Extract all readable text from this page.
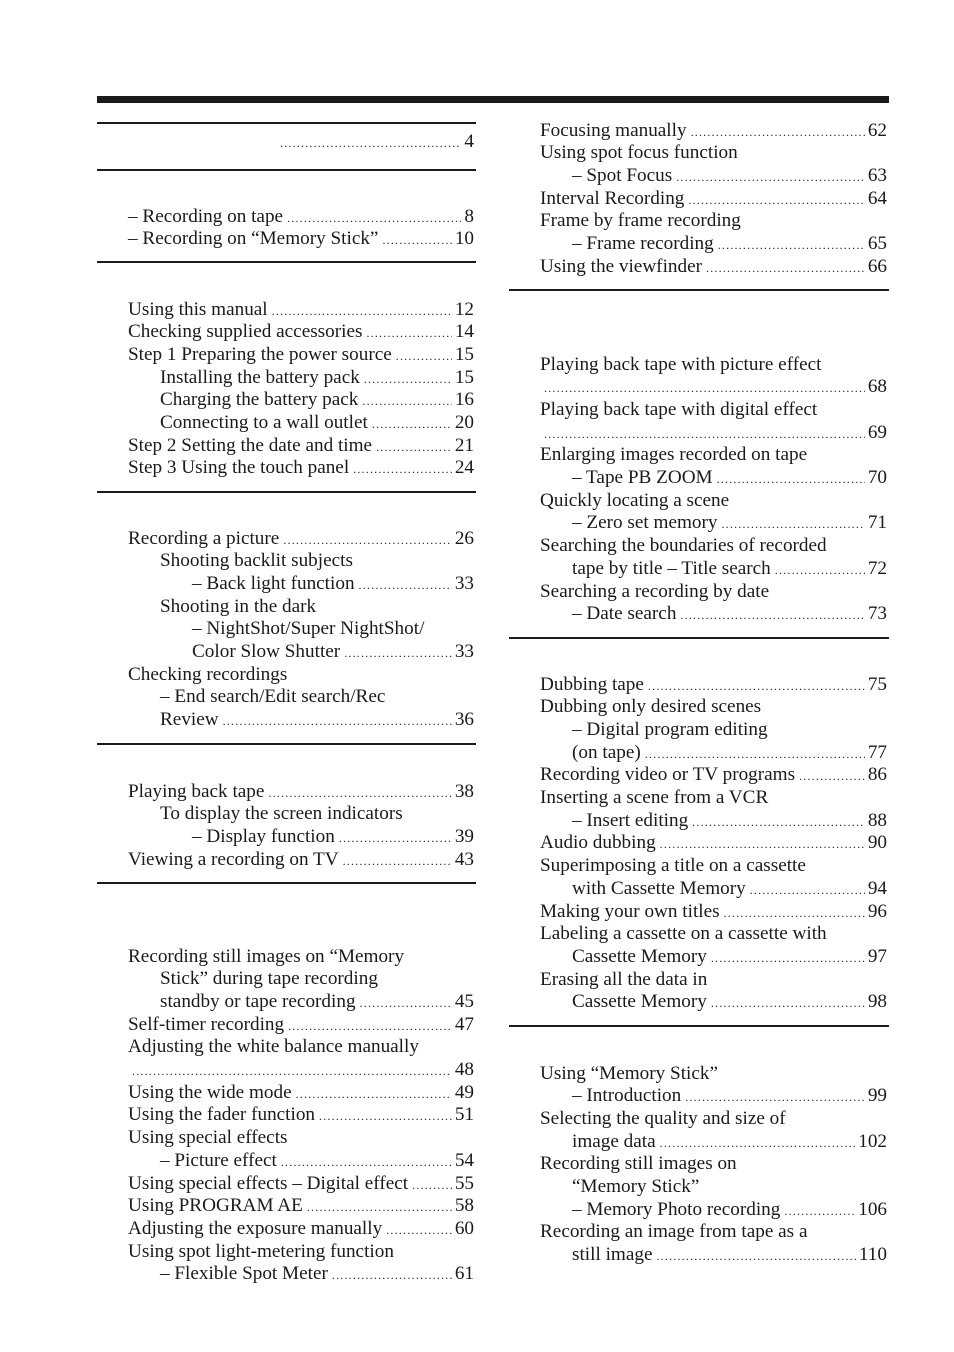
.....
4
– Recording on tape .....	8
– Recording on “Memory Stick” .....	10
Using this manual .....	12
Checking supplied accessories .....	14
Step 1 Preparing the power source .....	15
Installing the battery pack .....	15
Charging the battery pack .....	16
Connecting to a wall outlet .....	20
Step 2 Setting the date and time .....	21
Step 3 Using the touch panel .....	24
Recording a picture .....	26
Shooting backlit subjects
– Back light function .....	33
Shooting in the dark
– NightShot/Super NightShot/
Color Slow Shutter .....	33
Checking recordings
– End search/Edit search/Rec
Review .....	36
Playing back tape .....	38
To display the screen indicators
– Display function .....	39
Viewing a recording on TV .....	43
Recording still images on “Memory
Stick” during tape recording
standby or tape recording .....	45
Self-timer recording .....	47
Adjusting the white balance manually
.....
48
Using the wide mode .....	49
Using the fader function .....	51
Using special effects
– Picture effect .....	54
Using special effects – Digital effect ..... 55
Using PROGRAM AE .....	58
Adjusting the exposure manually .....	60
Using spot light-metering function
– Flexible Spot Meter .....	61
Focusing manually .....	62
Using spot focus function
– Spot Focus .....	63
Interval Recording .....	64
Frame by frame recording
– Frame recording .....	65
Using the viewfinder .....	66
Playing back tape with picture effect
.....
68
Playing back tape with digital effect
.....
69
Enlarging images recorded on tape
– Tape PB ZOOM .....	70
Quickly locating a scene
– Zero set memory .....	71
Searching the boundaries of recorded
tape by title – Title search .....	72
Searching a recording by date
– Date search .....	73
Dubbing tape .....	75
Dubbing only desired scenes
– Digital program editing
(on tape) .....	77
Recording video or TV programs .....	86
Inserting a scene from a VCR
– Insert editing .....	88
Audio dubbing .....	90
Superimposing a title on a cassette
with Cassette Memory .....	94
Making your own titles .....	96
Labeling a cassette on a cassette with
Cassette Memory .....	97
Erasing all the data in
Cassette Memory .....	98
Using “Memory Stick”
– Introduction .....	99
Selecting the quality and size of
image data .....	102
Recording still images on
“Memory Stick”
– Memory Photo recording .....	106
Recording an image from tape as a
still image .....	110
